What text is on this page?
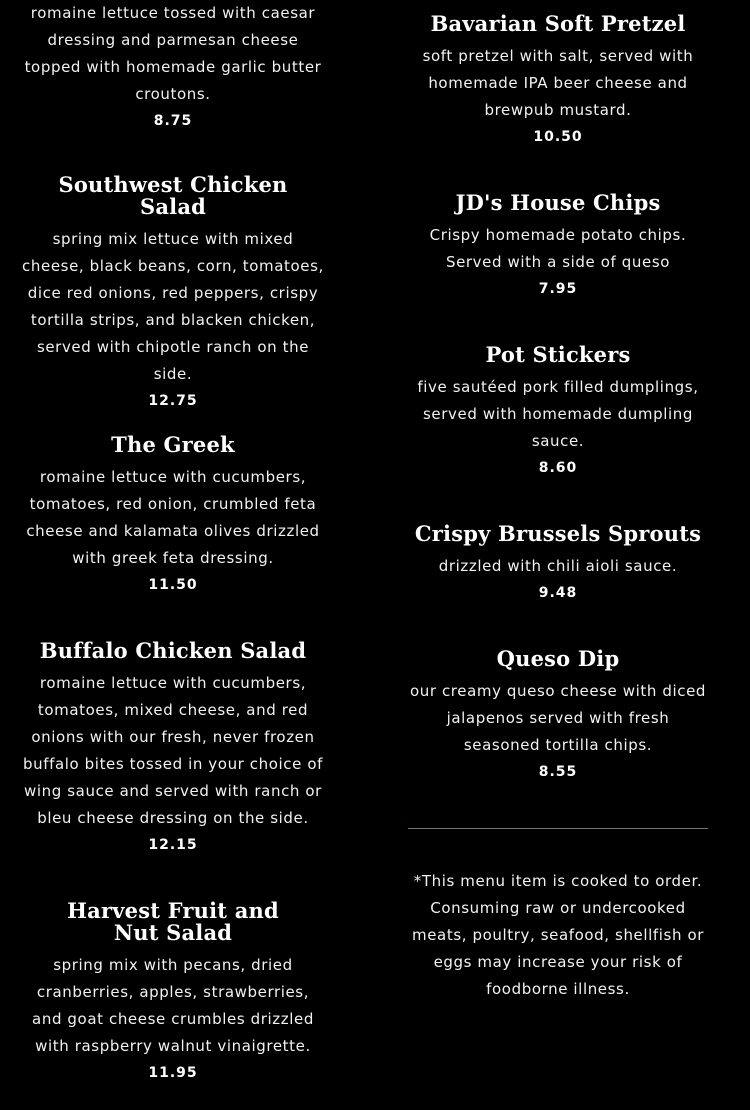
romaine lettuce tossed with caesar dressing and parmesan cheese topped with homemade garlic butter croutons.

8.75

Southwest Chicken Salad

spring mix lettuce with mixed cheese, black beans, corn, tomatoes, dice red onions, red peppers, crispy tortilla strips, and blacken chicken, served with chipotle ranch on the side.

12.75

The Greek

romaine lettuce with cucumbers, tomatoes, red onion, crumbled feta cheese and kalamata olives drizzled with greek feta dressing.

11.50

Buffalo Chicken Salad

romaine lettuce with cucumbers, tomatoes, mixed cheese, and red onions with our fresh, never frozen buffalo bites tossed in your choice of wing sauce and served with ranch or bleu cheese dressing on the side.

12.15

Harvest Fruit and Nut Salad

spring mix with pecans, dried cranberries, apples, strawberries, and goat cheese crumbles drizzled with raspberry walnut vinaigrette.

11.95

Bavarian Soft Pretzel

soft pretzel with salt, served with homemade IPA beer cheese and brewpub mustard.

10.50

JD's House Chips

Crispy homemade potato chips. Served with a side of queso

7.95

Pot Stickers

five sautéed pork filled dumplings, served with homemade dumpling sauce.

8.60

Crispy Brussels Sprouts

drizzled with chili aioli sauce.

9.48

Queso Dip

our creamy queso cheese with diced jalapenos served with fresh seasoned tortilla chips.

8.55

*This menu item is cooked to order. Consuming raw or undercooked meats, poultry, seafood, shellfish or eggs may increase your risk of foodborne illness.
